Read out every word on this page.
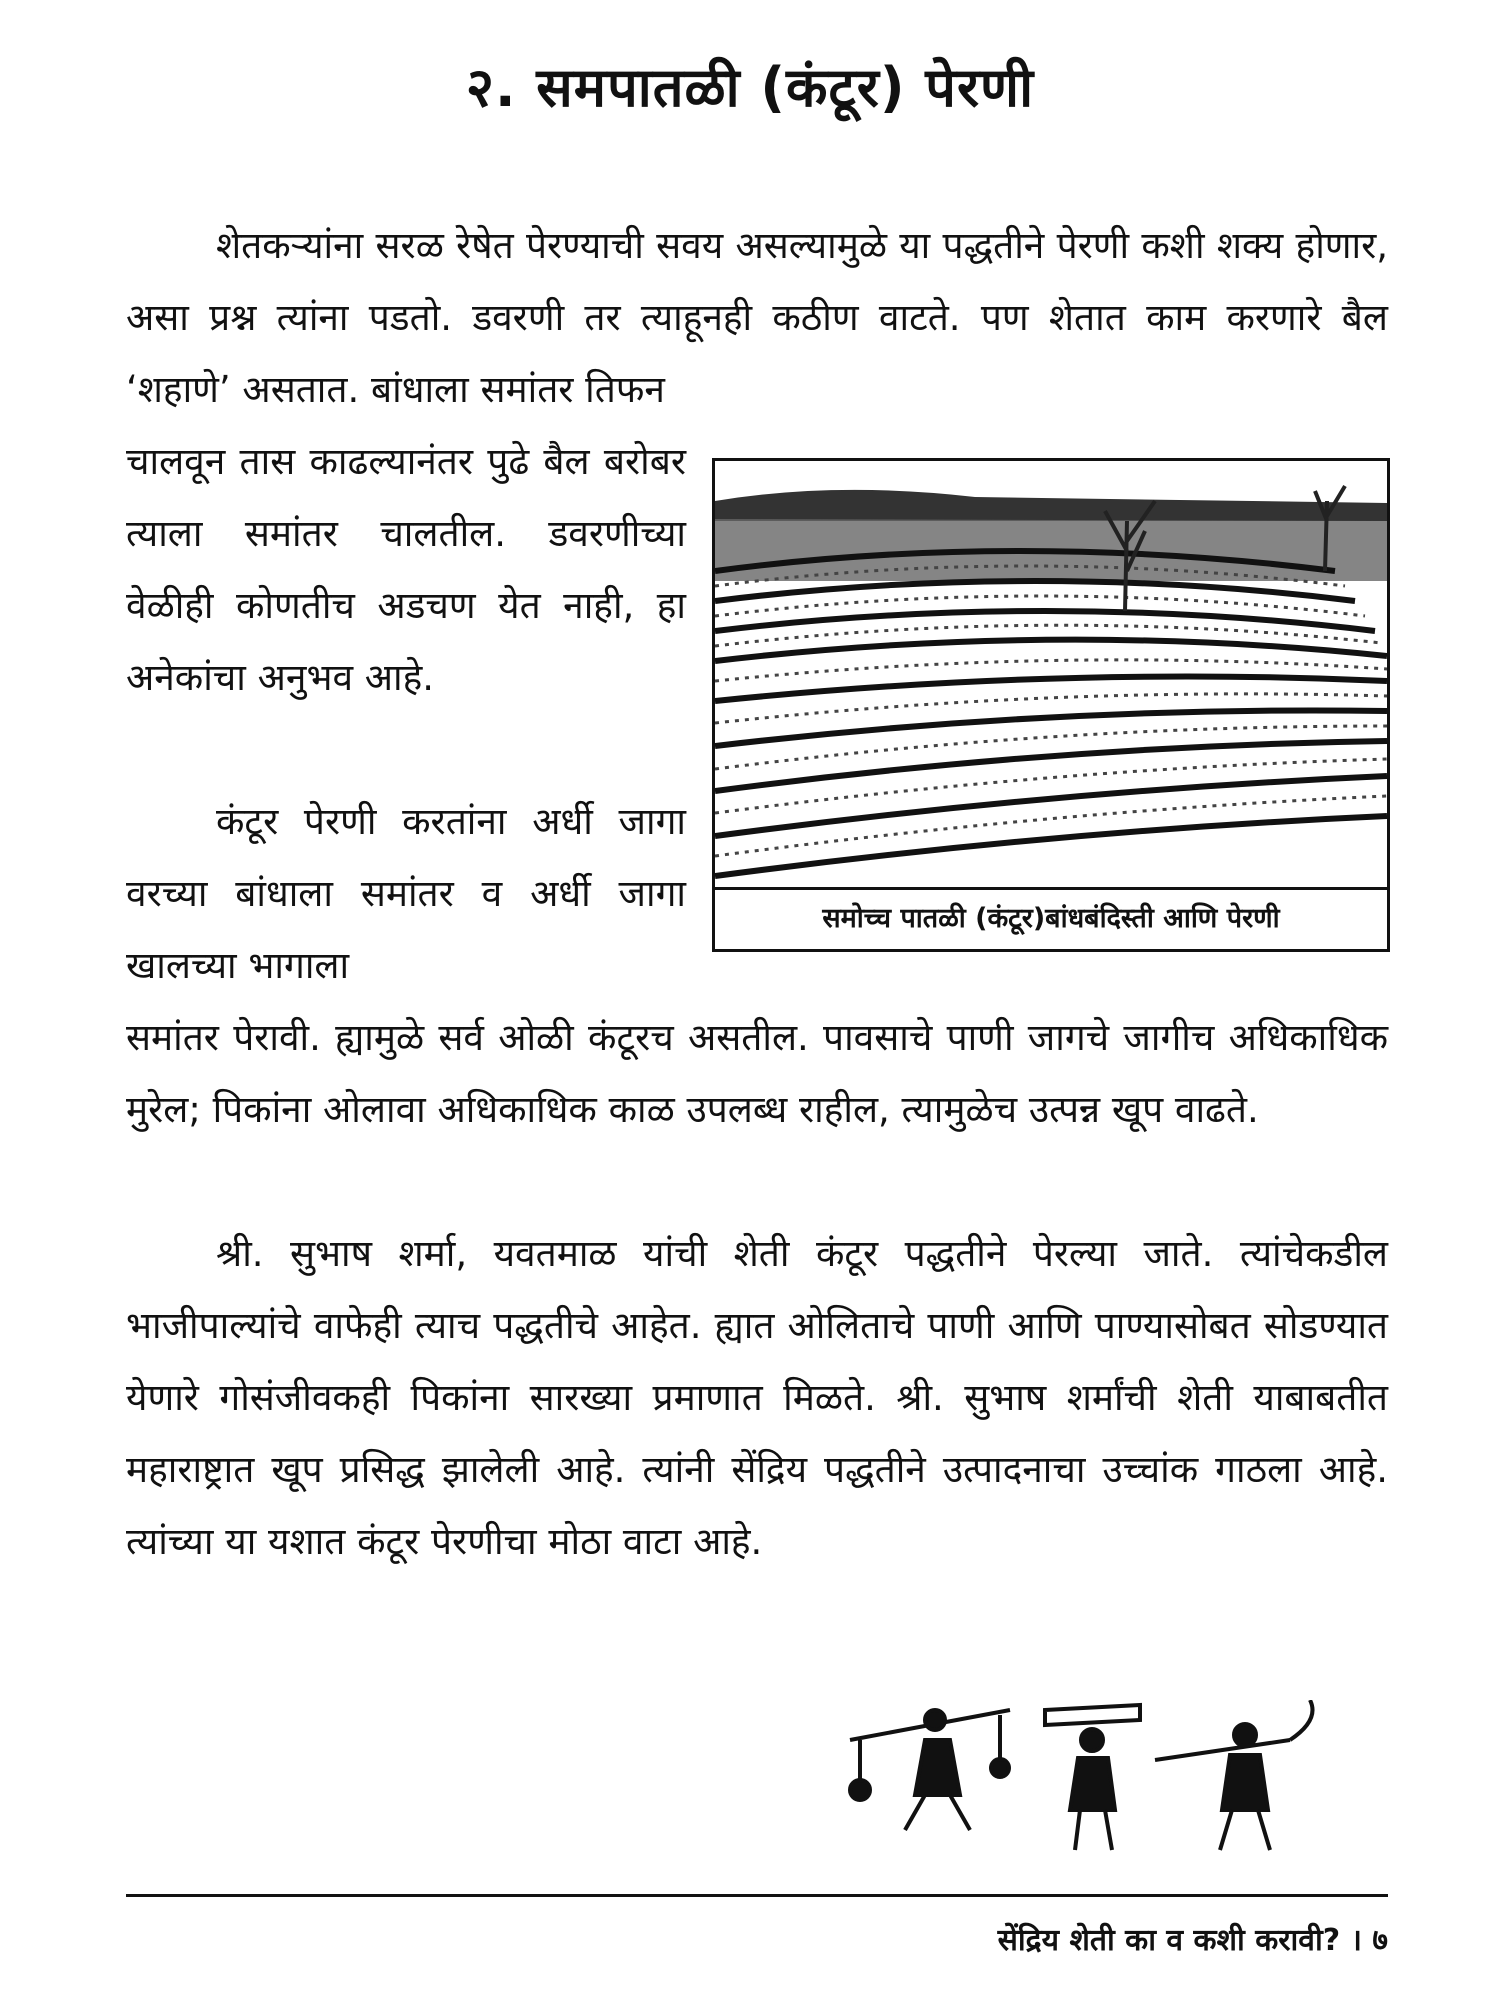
२. समपातळी (कंटूर) पेरणी

शेतकऱ्यांना सरळ रेषेत पेरण्याची सवय असल्यामुळे या पद्धतीने पेरणी कशी शक्य होणार, असा प्रश्न त्यांना पडतो. डवरणी तर त्याहूनही कठीण वाटते. पण शेतात काम करणारे बैल ‘शहाणे’ असतात. बांधाला समांतर तिफन

चालवून तास काढल्यानंतर पुढे बैल बरोबर त्याला समांतर चालतील. डवरणीच्या वेळीही कोणतीच अडचण येत नाही, हा अनेकांचा अनुभव आहे.

कंटूर पेरणी करतांना अर्धी जागा वरच्या बांधाला समांतर व अर्धी जागा खालच्या भागाला

समांतर पेरावी. ह्यामुळे सर्व ओळी कंटूरच असतील. पावसाचे पाणी जागचे जागीच अधिकाधिक मुरेल; पिकांना ओलावा अधिकाधिक काळ उपलब्ध राहील, त्यामुळेच उत्पन्न खूप वाढते.

श्री. सुभाष शर्मा, यवतमाळ यांची शेती कंटूर पद्धतीने पेरल्या जाते. त्यांचेकडील भाजीपाल्यांचे वाफेही त्याच पद्धतीचे आहेत. ह्यात ओलिताचे पाणी आणि पाण्यासोबत सोडण्यात येणारे गोसंजीवकही पिकांना सारख्या प्रमाणात मिळते. श्री. सुभाष शर्मांची शेती याबाबतीत महाराष्ट्रात खूप प्रसिद्ध झालेली आहे. त्यांनी सेंद्रिय पद्धतीने उत्पादनाचा उच्चांक गाठला आहे. त्यांच्या या यशात कंटूर पेरणीचा मोठा वाटा आहे.

समोच्च पातळी (कंटूर)बांधबंदिस्ती आणि पेरणी
सेंद्रिय शेती का व कशी करावी? । ७
